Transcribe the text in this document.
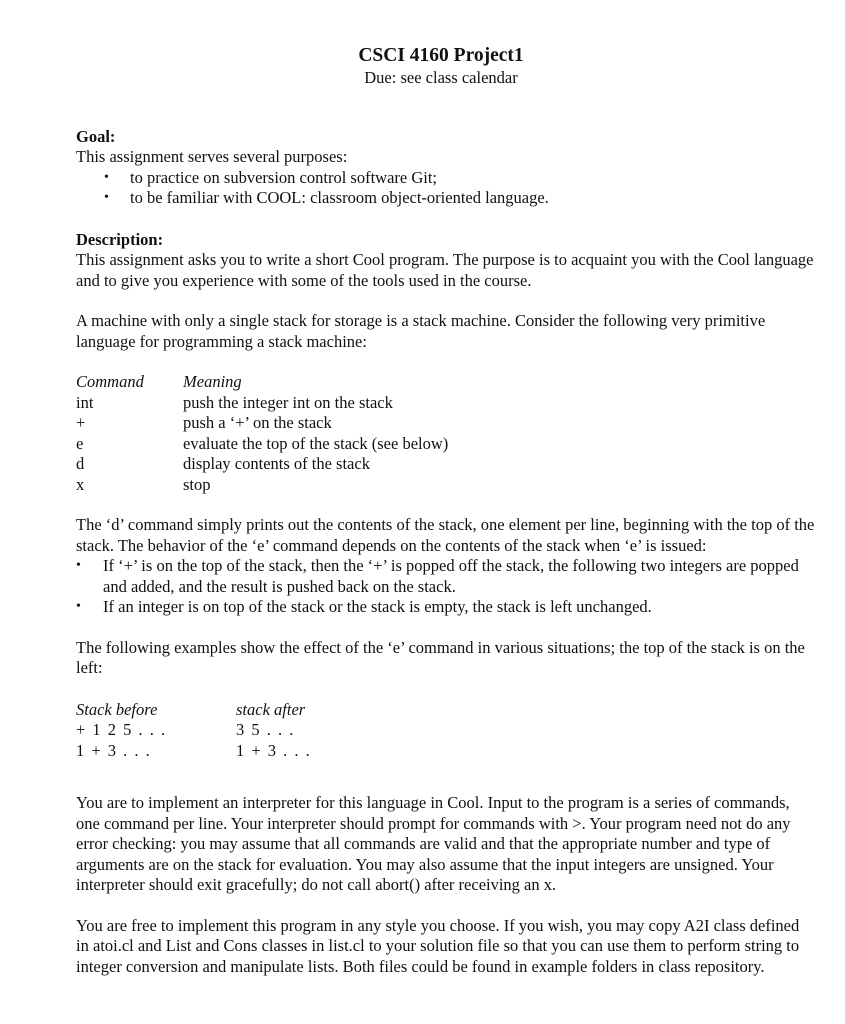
CSCI 4160 Project1
Due: see class calendar
Goal:

This assignment serves several purposes:

• to practice on subversion control software Git;
• to be familiar with COOL: classroom object-oriented language.
Description:

This assignment asks you to write a short Cool program. The purpose is to acquaint you with the Cool language and to give you experience with some of the tools used in the course.

A machine with only a single stack for storage is a stack machine. Consider the following very primitive language for programming a stack machine:

Command	Meaning
int	push the integer int on the stack
+	push a ‘+’ on the stack
e	evaluate the top of the stack (see below)
d	display contents of the stack
x	stop

The ‘d’ command simply prints out the contents of the stack, one element per line, beginning with the top of the stack. The behavior of the ‘e’ command depends on the contents of the stack when ‘e’ is issued:

• If ‘+’ is on the top of the stack, then the ‘+’ is popped off the stack, the following two integers are popped and added, and the result is pushed back on the stack.
• If an integer is on top of the stack or the stack is empty, the stack is left unchanged.

The following examples show the effect of the ‘e’ command in various situations; the top of the stack is on the left:

Stack before	stack after
+ 1 2 5 . . .	3 5 . . .
1 + 3 . . .	1 + 3 . . .

You are to implement an interpreter for this language in Cool. Input to the program is a series of commands, one command per line. Your interpreter should prompt for commands with >. Your program need not do any error checking: you may assume that all commands are valid and that the appropriate number and type of arguments are on the stack for evaluation. You may also assume that the input integers are unsigned. Your interpreter should exit gracefully; do not call abort() after receiving an x.

You are free to implement this program in any style you choose. If you wish, you may copy A2I class defined in atoi.cl and List and Cons classes in list.cl to your solution file so that you can use them to perform string to integer conversion and manipulate lists. Both files could be found in example folders in class repository.
